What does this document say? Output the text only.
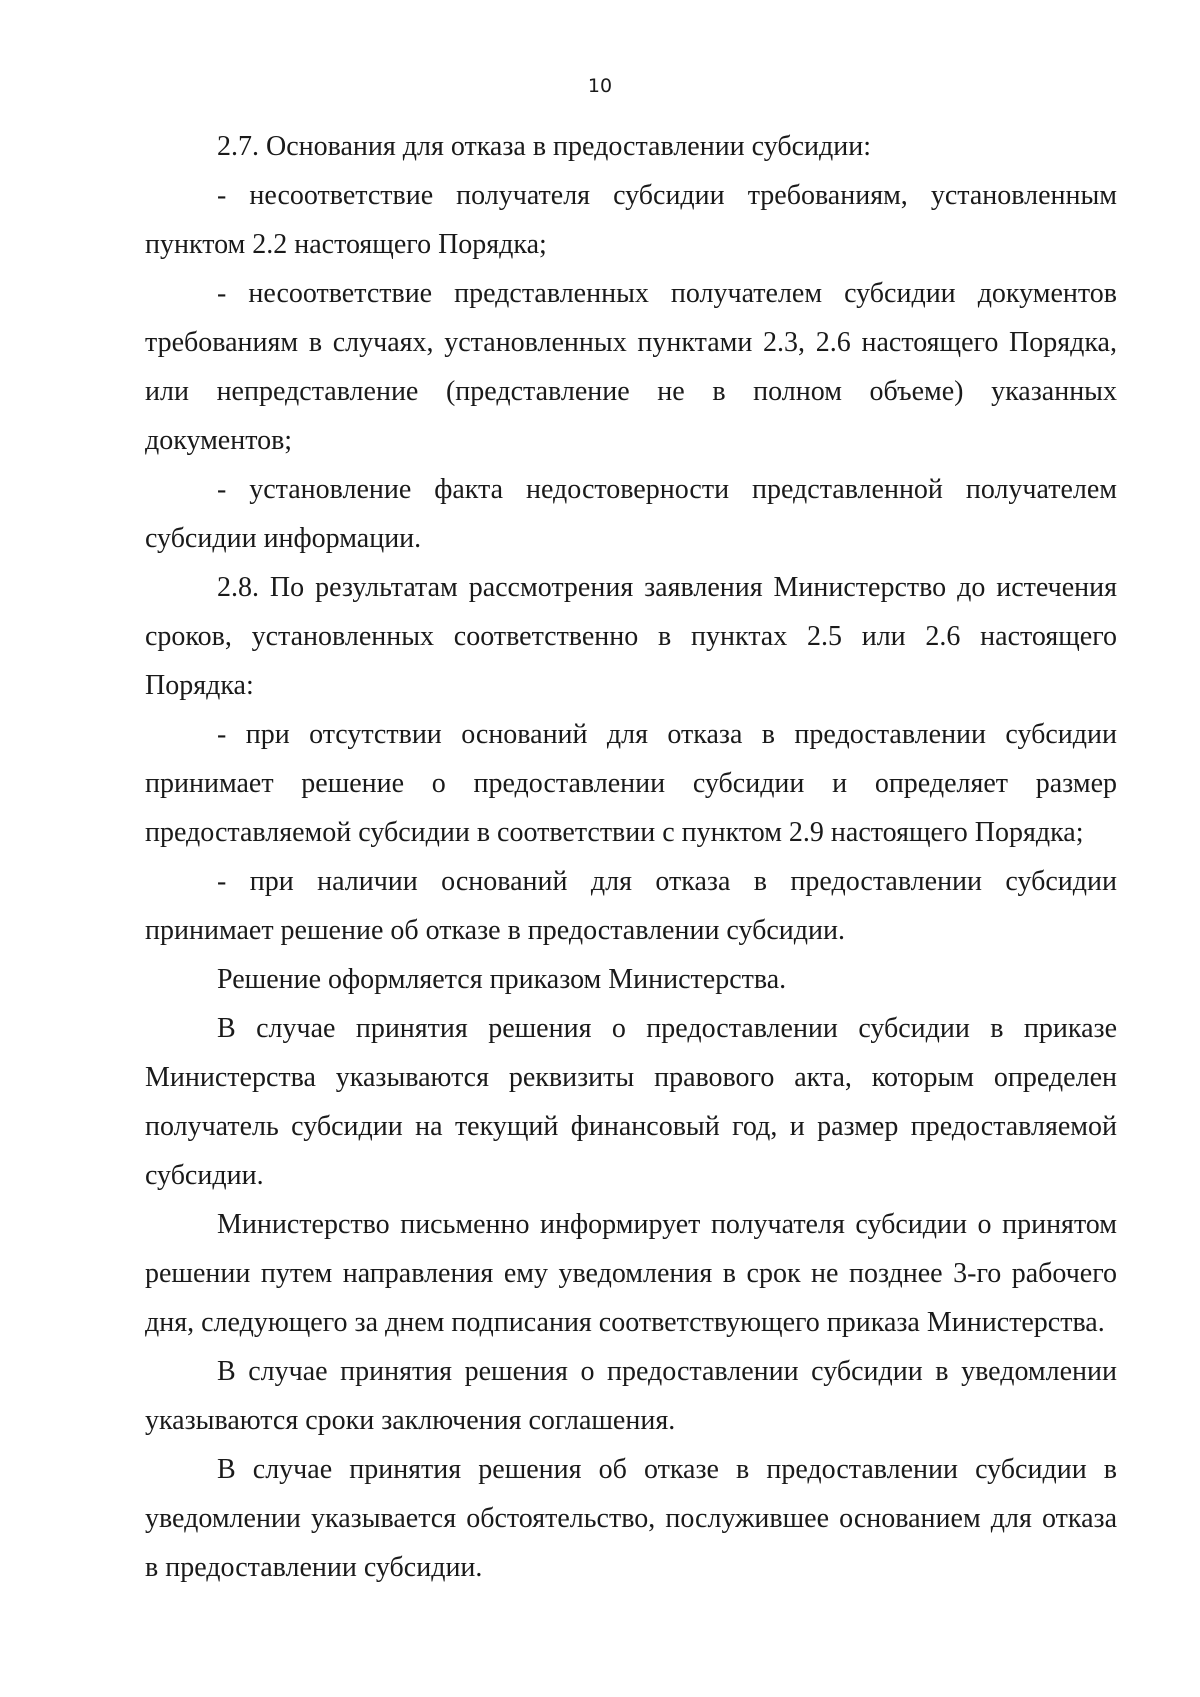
10

2.7. Основания для отказа в предоставлении субсидии:

- несоответствие получателя субсидии требованиям, установленным пунктом 2.2 настоящего Порядка;

- несоответствие представленных получателем субсидии документов требованиям в случаях, установленных пунктами 2.3, 2.6 настоящего Порядка, или непредставление (представление не в полном объеме) указанных документов;

- установление факта недостоверности представленной получателем субсидии информации.

2.8. По результатам рассмотрения заявления Министерство до истечения сроков, установленных соответственно в пунктах 2.5 или 2.6 настоящего Порядка:

- при отсутствии оснований для отказа в предоставлении субсидии принимает решение о предоставлении субсидии и определяет размер предоставляемой субсидии в соответствии с пунктом 2.9 настоящего Порядка;

- при наличии оснований для отказа в предоставлении субсидии принимает решение об отказе в предоставлении субсидии.

Решение оформляется приказом Министерства.

В случае принятия решения о предоставлении субсидии в приказе Министерства указываются реквизиты правового акта, которым определен получатель субсидии на текущий финансовый год, и размер предоставляемой субсидии.

Министерство письменно информирует получателя субсидии о принятом решении путем направления ему уведомления в срок не позднее 3-го рабочего дня, следующего за днем подписания соответствующего приказа Министерства.

В случае принятия решения о предоставлении субсидии в уведомлении указываются сроки заключения соглашения.

В случае принятия решения об отказе в предоставлении субсидии в уведомлении указывается обстоятельство, послужившее основанием для отказа в предоставлении субсидии.
